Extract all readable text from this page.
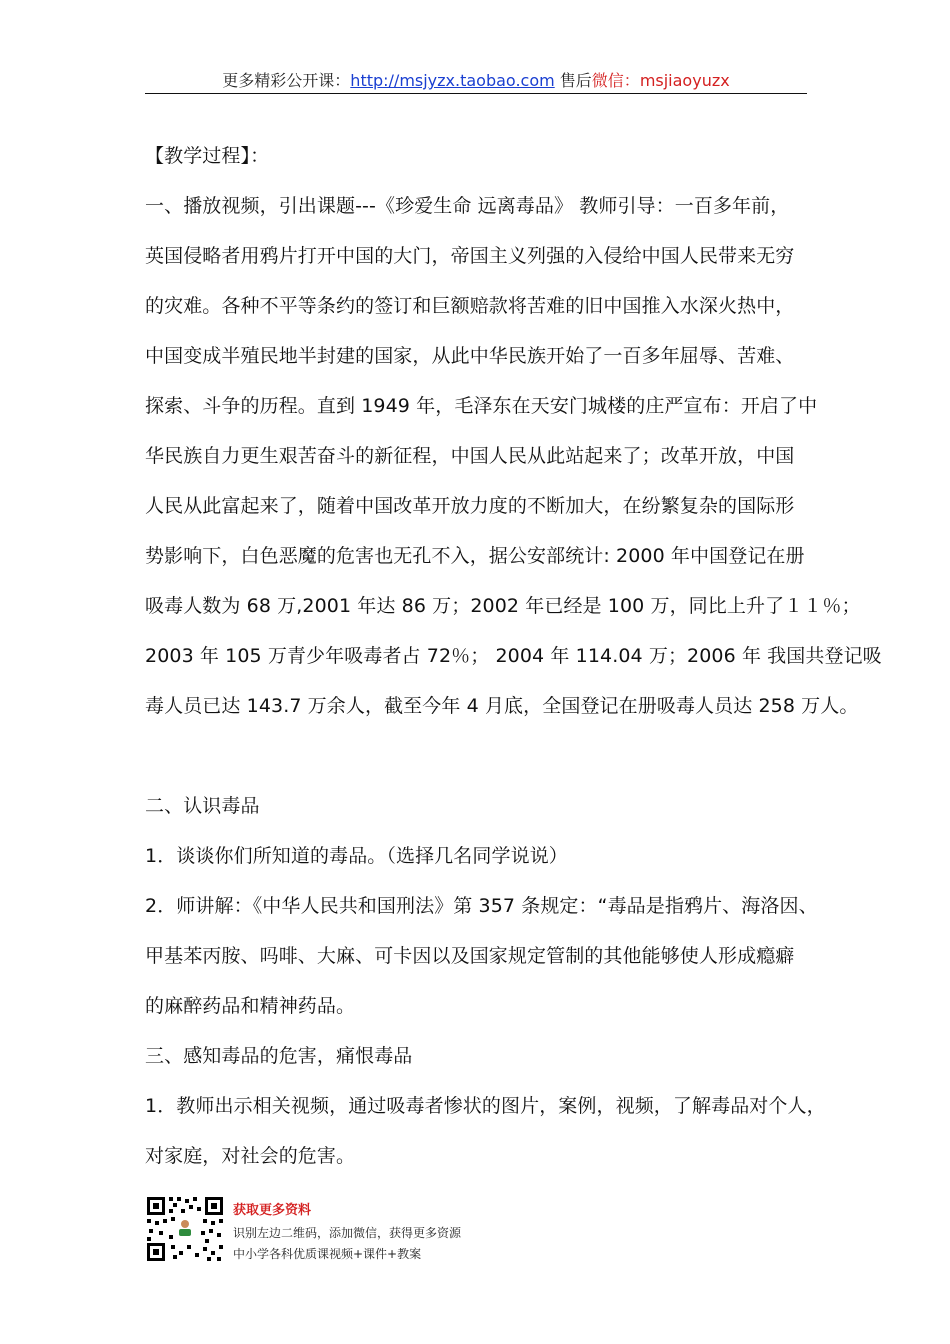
更多精彩公开课：http://msjyzx.taobao.com 售后微信：msjiaoyuzx
【教学过程】：
一、播放视频，引出课题---《珍爱生命 远离毒品》 教师引导：一百多年前，
英国侵略者用鸦片打开中国的大门，帝国主义列强的入侵给中国人民带来无穷
的灾难。各种不平等条约的签订和巨额赔款将苦难的旧中国推入水深火热中，
中国变成半殖民地半封建的国家，从此中华民族开始了一百多年屈辱、苦难、
探索、斗争的历程。直到 1949 年，毛泽东在天安门城楼的庄严宣布：开启了中
华民族自力更生艰苦奋斗的新征程，中国人民从此站起来了；改革开放，中国
人民从此富起来了，随着中国改革开放力度的不断加大，在纷繁复杂的国际形
势影响下，白色恶魔的危害也无孔不入，据公安部统计: 2000 年中国登记在册
吸毒人数为 68 万,2001 年达 86 万；2002 年已经是 100 万，同比上升了１１％；
2003 年 105 万青少年吸毒者占 72％； 2004 年 114.04 万；2006 年 我国共登记吸
毒人员已达 143.7 万余人，截至今年 4 月底，全国登记在册吸毒人员达 258 万人。
二、认识毒品
1．谈谈你们所知道的毒品。（选择几名同学说说）
2．师讲解：《中华人民共和国刑法》第 357 条规定：“毒品是指鸦片、海洛因、
甲基苯丙胺、吗啡、大麻、可卡因以及国家规定管制的其他能够使人形成瘾癖
的麻醉药品和精神药品。
三、感知毒品的危害，痛恨毒品
1．教师出示相关视频，通过吸毒者惨状的图片，案例，视频，了解毒品对个人，
对家庭，对社会的危害。
获取更多资料
识别左边二维码，添加微信，获得更多资源
中小学各科优质课视频+课件+教案
